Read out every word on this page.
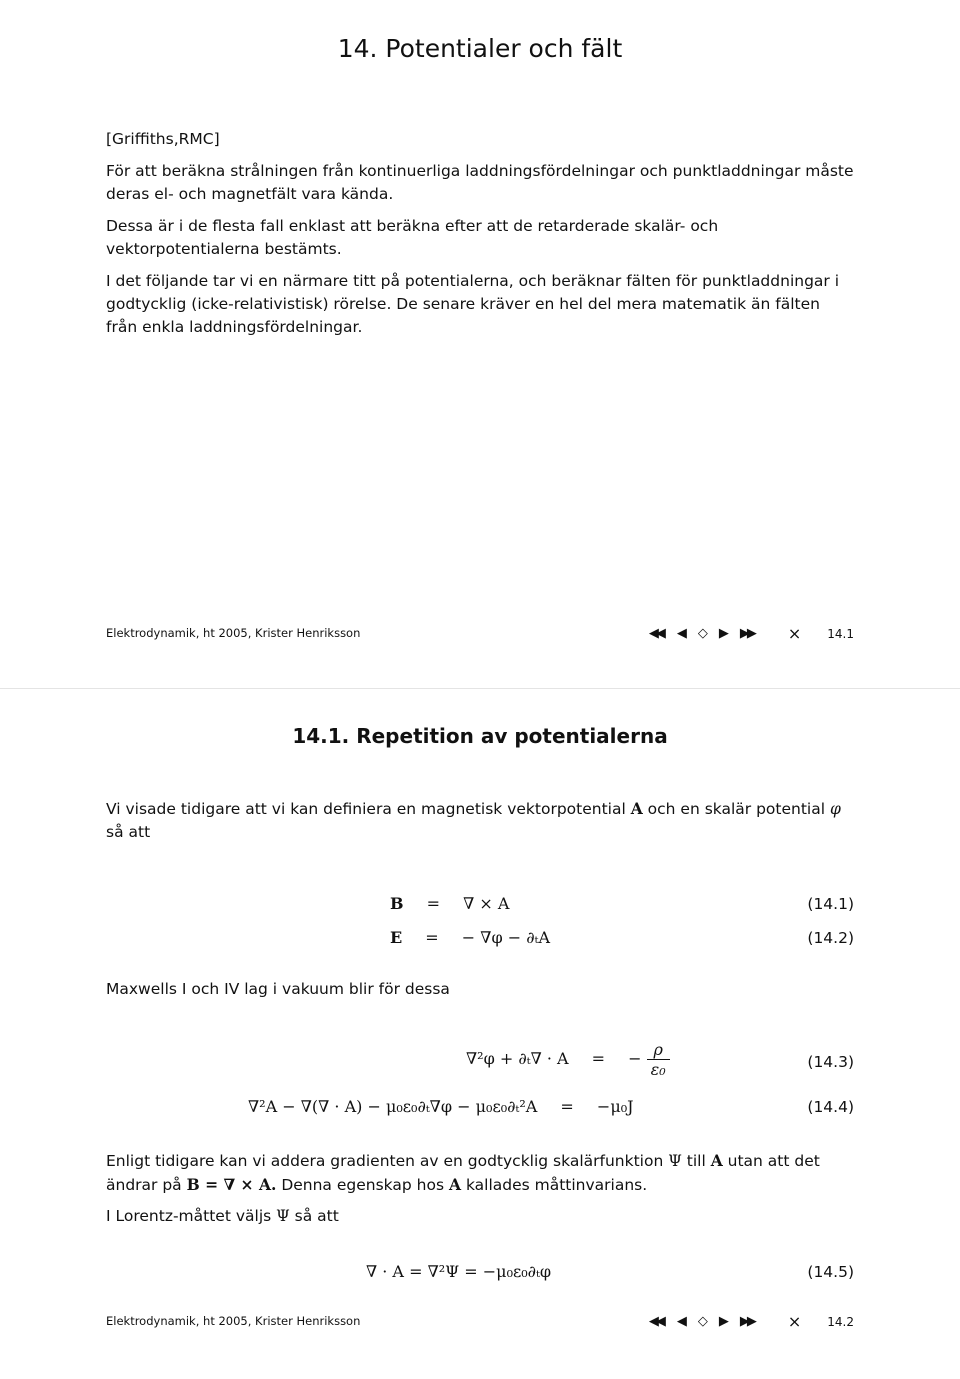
14. Potentialer och fält

[Griffiths,RMC]

För att beräkna strålningen från kontinuerliga laddningsfördelningar och punktladdningar måste deras el- och magnetfält vara kända.

Dessa är i de flesta fall enklast att beräkna efter att de retarderade skalär- och vektorpotentialerna bestämts.

I det följande tar vi en närmare titt på potentialerna, och beräknar fälten för punktladdningar i godtycklig (icke-relativistisk) rörelse. De senare kräver en hel del mera matematik än fälten från enkla laddningsfördelningar.

Elektrodynamik, ht 2005, Krister Henriksson	◀◀ ◀ ◇ ▶ ▶▶ × 14.1
14.1. Repetition av potentialerna
Vi visade tidigare att vi kan definiera en magnetisk vektorpotential A och en skalär potential φ så att
B = ∇ × A	(14.1)
E = − ∇φ − ∂ₜA	(14.2)
Maxwells I och IV lag i vakuum blir för dessa
∇²φ + ∂ₜ∇ · A = − $\frac{\rho}{\text{ε₀}}$	(14.3)
∇²A − ∇(∇ · A) − μ₀ε₀∂ₜ∇φ − μ₀ε₀∂ₜ²A = −μ₀J	(14.4)
Enligt tidigare kan vi addera gradienten av en godtycklig skalärfunktion Ψ till A utan att det ändrar på B = ∇ × A. Denna egenskap hos A kallades måttinvarians.
I Lorentz-måttet väljs Ψ så att
∇ · A = ∇²Ψ = −μ₀ε₀∂ₜφ	(14.5)
Elektrodynamik, ht 2005, Krister Henriksson	◀◀ ◀ ◇ ▶ ▶▶ × 14.2
